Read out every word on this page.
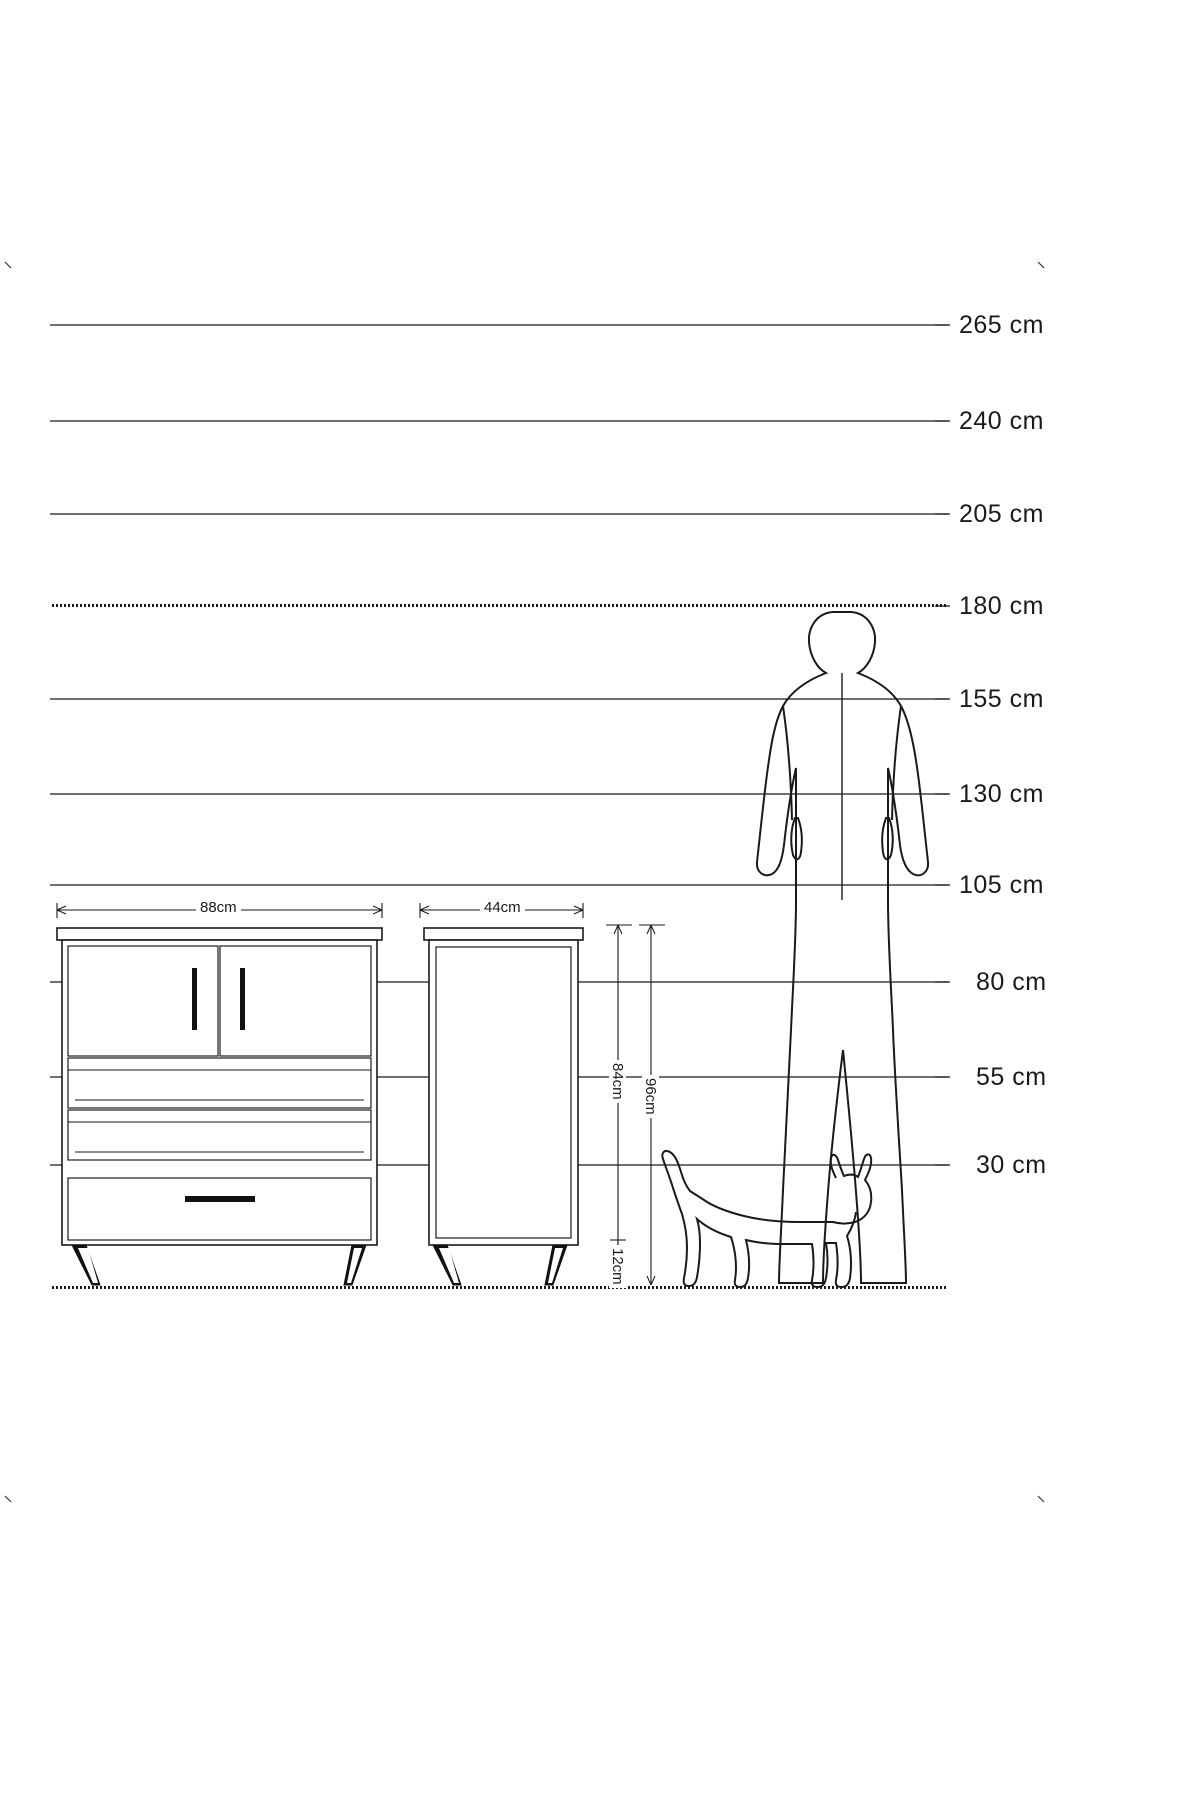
265 cm
240 cm
205 cm
180 cm
155 cm
130 cm
105 cm
80 cm
55 cm
30 cm
88cm	44cm
84cm 96cm
12cm
